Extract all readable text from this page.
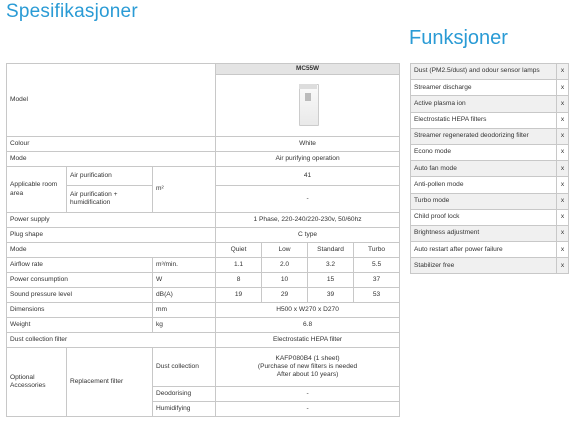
Spesifikasjoner
Funksjoner
Model			MC55W			

Colour			White			
Mode			Air purifying operation			
Applicable room area	Air purification	m²	41			
	Air purification + humidification		-			
Power supply			1 Phase, 220-240/220-230v, 50/60hz			
Plug shape			C type			
Mode			Quiet	Low	Standard	Turbo
Airflow rate		m³/min.	1.1	2.0	3.2	5.5
Power consumption		W	8	10	15	37
Sound pressure level		dB(A)	19	29	39	53
Dimensions		mm	H500 x W270 x D270			
Weight		kg	6.8			
Dust collection filter			Electrostatic HEPA filter			
Optional Accessories	Replacement filter	Dust collection	KAFP080B4 (1 sheet)
(Purchase of new filters is needed
After about 10 years)			

		Deodorising	-			
		Humidifying	-			
Dust (PM2.5/dust) and odour sensor lamps	x
Streamer discharge	x
Active plasma ion	x
Electrostatic HEPA filters	x
Streamer regenerated deodorizing filter	x
Econo mode	x
Auto fan mode	x
Anti-pollen mode	x
Turbo mode	x
Child proof lock	x
Brightness adjustment	x
Auto restart after power failure	x
Stabilizer free	x
